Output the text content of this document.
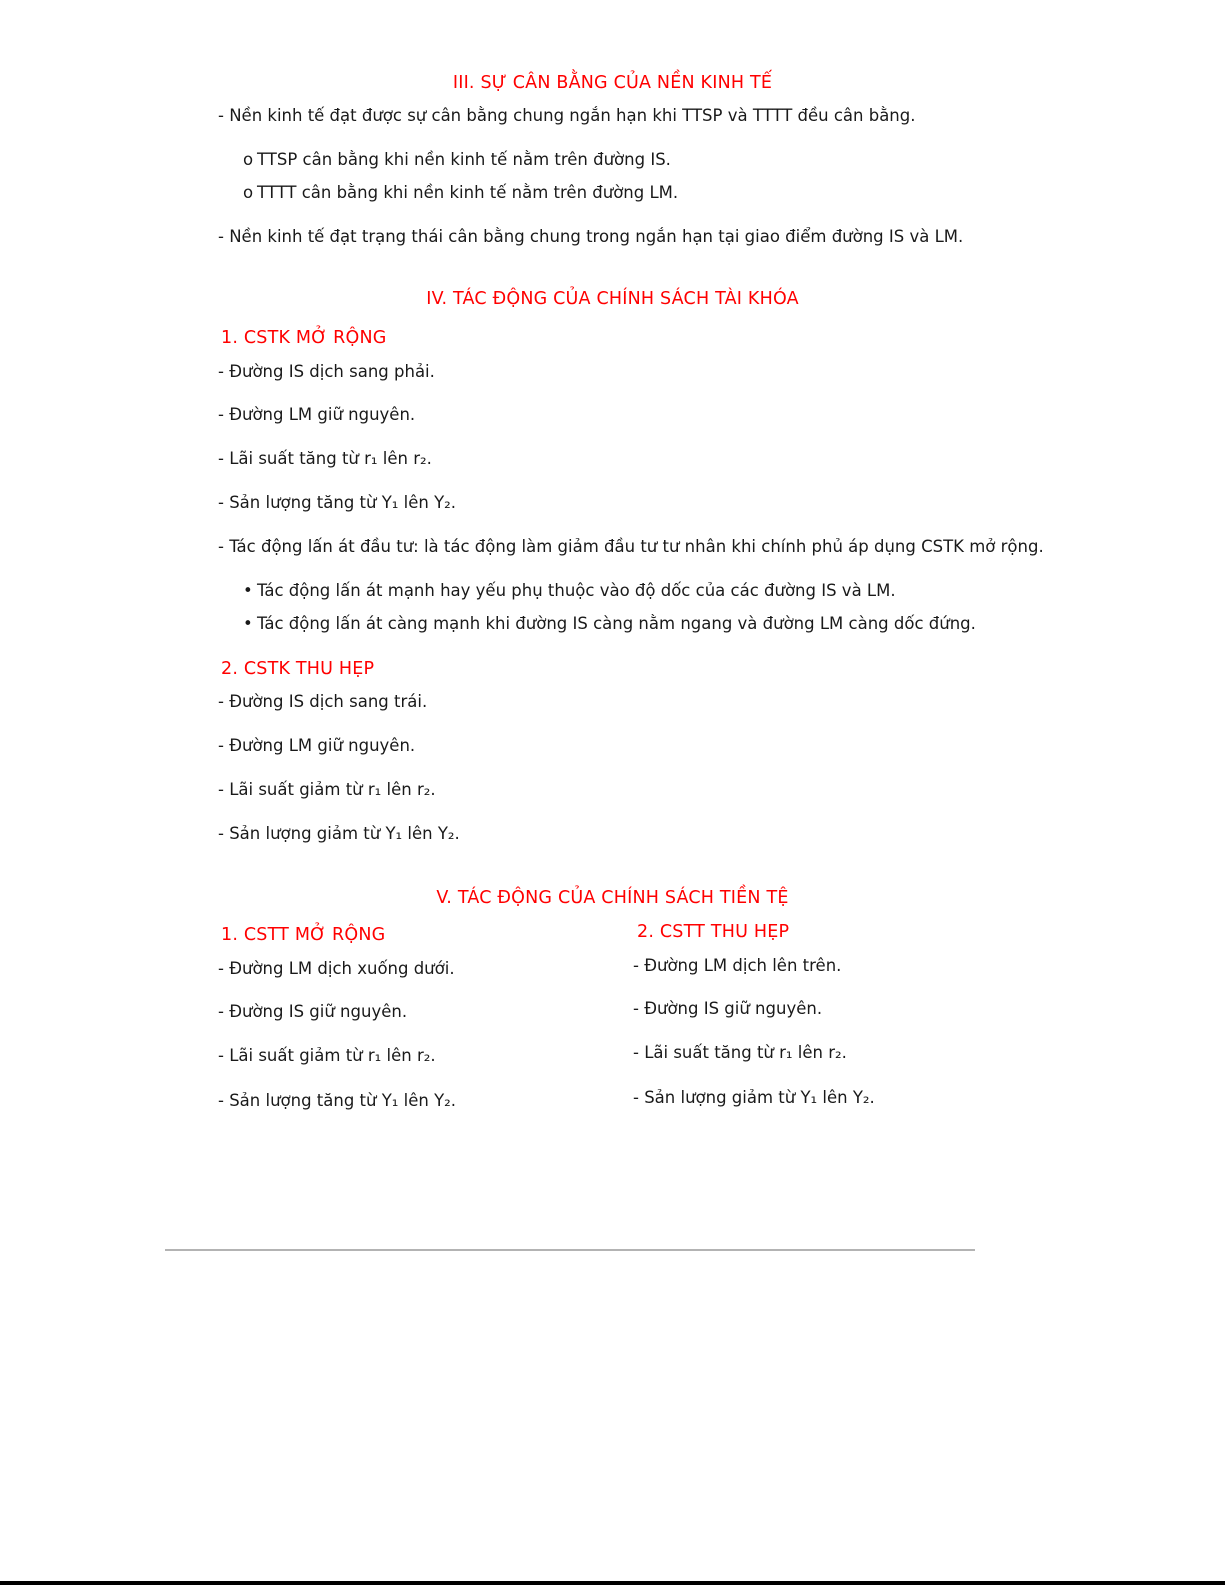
III. SỰ CÂN BẰNG CỦA NỀN KINH TẾ
- Nền kinh tế đạt được sự cân bằng chung ngắn hạn khi TTSP và TTTT đều cân bằng.
o TTSP cân bằng khi nền kinh tế nằm trên đường IS.
o TTTT cân bằng khi nền kinh tế nằm trên đường LM.
- Nền kinh tế đạt trạng thái cân bằng chung trong ngắn hạn tại giao điểm đường IS và LM.
IV. TÁC ĐỘNG CỦA CHÍNH SÁCH TÀI KHÓA
1. CSTK MỞ RỘNG
- Đường IS dịch sang phải.
- Đường LM giữ nguyên.
- Lãi suất tăng từ r₁ lên r₂.
- Sản lượng tăng từ Y₁ lên Y₂.
- Tác động lấn át đầu tư: là tác động làm giảm đầu tư tư nhân khi chính phủ áp dụng CSTK mở rộng.
• Tác động lấn át mạnh hay yếu phụ thuộc vào độ dốc của các đường IS và LM.
• Tác động lấn át càng mạnh khi đường IS càng nằm ngang và đường LM càng dốc đứng.
2. CSTK THU HẸP
- Đường IS dịch sang trái.
- Đường LM giữ nguyên.
- Lãi suất giảm từ r₁ lên r₂.
- Sản lượng giảm từ Y₁ lên Y₂.
V. TÁC ĐỘNG CỦA CHÍNH SÁCH TIỀN TỆ
1. CSTT MỞ RỘNG
- Đường LM dịch xuống dưới.
- Đường IS giữ nguyên.
- Lãi suất giảm từ r₁ lên r₂.
- Sản lượng tăng từ Y₁ lên Y₂.
2. CSTT THU HẸP
- Đường LM dịch lên trên.
- Đường IS giữ nguyên.
- Lãi suất tăng từ r₁ lên r₂.
- Sản lượng giảm từ Y₁ lên Y₂.
